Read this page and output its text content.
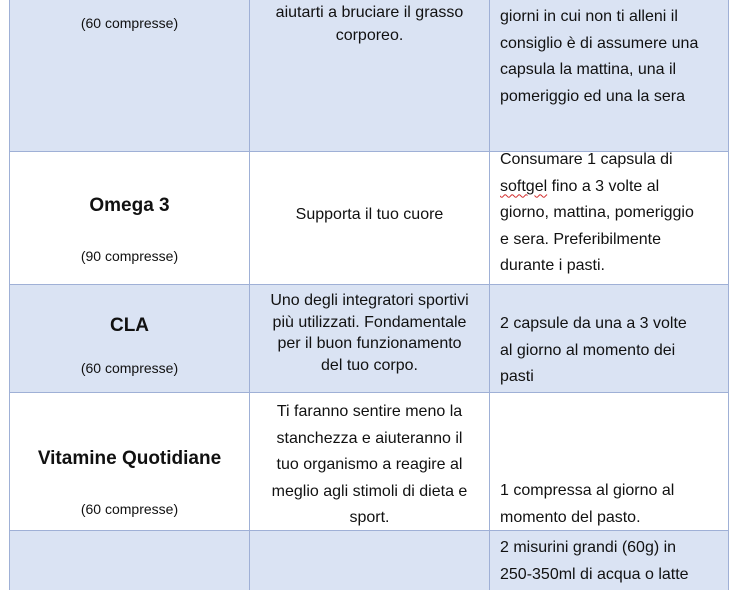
(60 compresse)
aiutarti a bruciare il grasso
corporeo.
giorni in cui non ti alleni il
consiglio è di assumere una
capsula la mattina, una il
pomeriggio ed una la sera
Omega 3
(90 compresse)
Supporta il tuo cuore
Consumare 1 capsula di
softgel fino a 3 volte al
giorno, mattina, pomeriggio
e sera. Preferibilmente
durante i pasti.
CLA
(60 compresse)
Uno degli integratori sportivi
più utilizzati. Fondamentale
per il buon funzionamento
del tuo corpo.
2 capsule da una a 3 volte
al giorno al momento dei
pasti
Vitamine Quotidiane
(60 compresse)
Ti faranno sentire meno la
stanchezza e aiuteranno il
tuo organismo a reagire al
meglio agli stimoli di dieta e
sport.
1 compressa al giorno al
momento del pasto.
2 misurini grandi (60g) in
250-350ml di acqua o latte
